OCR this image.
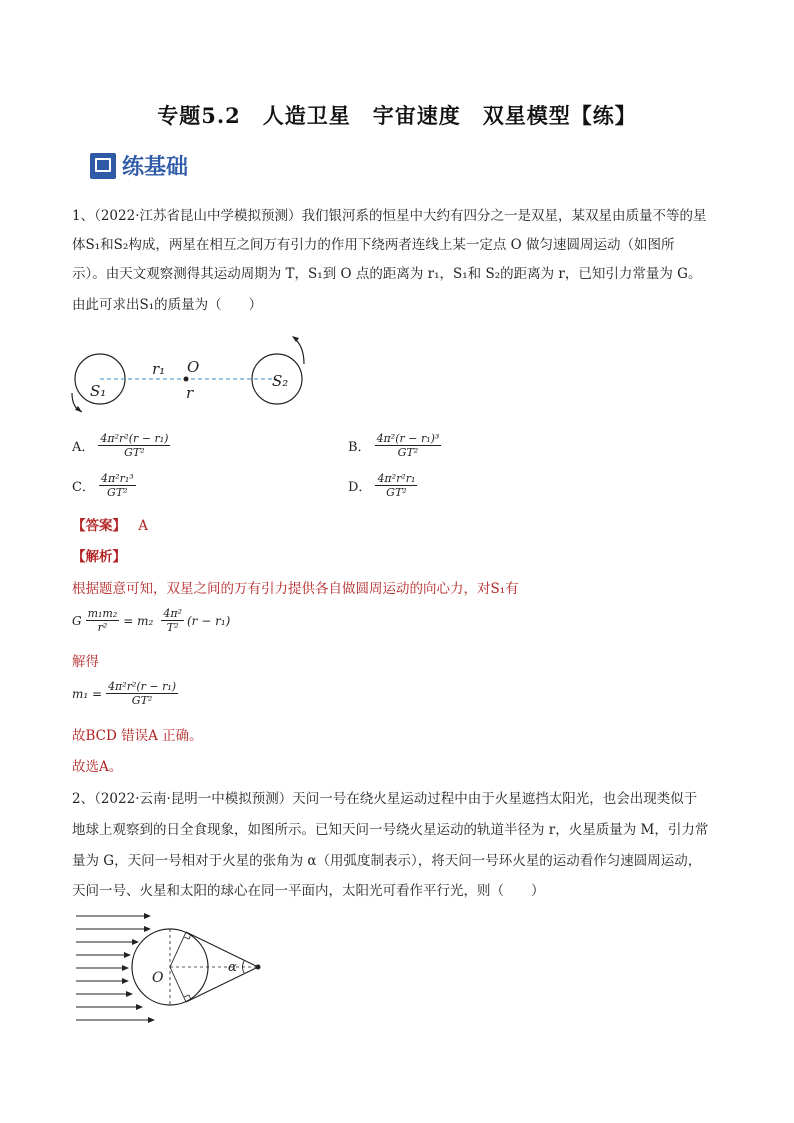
专题5.2　人造卫星　宇宙速度　双星模型【练】
练基础
1、（2022·江苏省昆山中学模拟预测）我们银河系的恒星中大约有四分之一是双星，某双星由质量不等的星
体S₁和S₂构成，两星在相互之间万有引力的作用下绕两者连线上某一定点 O 做匀速圆周运动（如图所
示）。由天文观察测得其运动周期为 T，S₁到 O 点的距离为 r₁，S₁和 S₂的距离为 r，已知引力常量为 G。
由此可求出S₁的质量为（　　）
S₁
S₂
O
r₁
r
A． $\frac{\text{4π²r²(r − r₁)}}{\text{GT²}}$	B． $\frac{\text{4π²(r − r₁)³}}{\text{GT²}}$
C． $\frac{\text{4π²r₁³}}{\text{GT²}}$	D． $\frac{\text{4π²r²r₁}}{\text{GT²}}$
【答案】 A
【解析】
根据题意可知，双星之间的万有引力提供各自做圆周运动的向心力，对S₁有
G $\frac{\text{m₁m₂}}{\text{r²}} = m_2 \frac{\text{4π²}}{\text{T²}} (r - r_1)$
解得
$m_1 = \frac{\text{4π²r²(r − r₁)}}{\text{GT²}}$
故BCD 错误A 正确。
故选A。
2、（2022·云南·昆明一中模拟预测）天问一号在绕火星运动过程中由于火星遮挡太阳光，也会出现类似于
地球上观察到的日全食现象，如图所示。已知天问一号绕火星运动的轨道半径为 r，火星质量为 M，引力常
量为 G，天问一号相对于火星的张角为 α（用弧度制表示），将天问一号环火星的运动看作匀速圆周运动，
天问一号、火星和太阳的球心在同一平面内，太阳光可看作平行光，则（　　）
O
α
